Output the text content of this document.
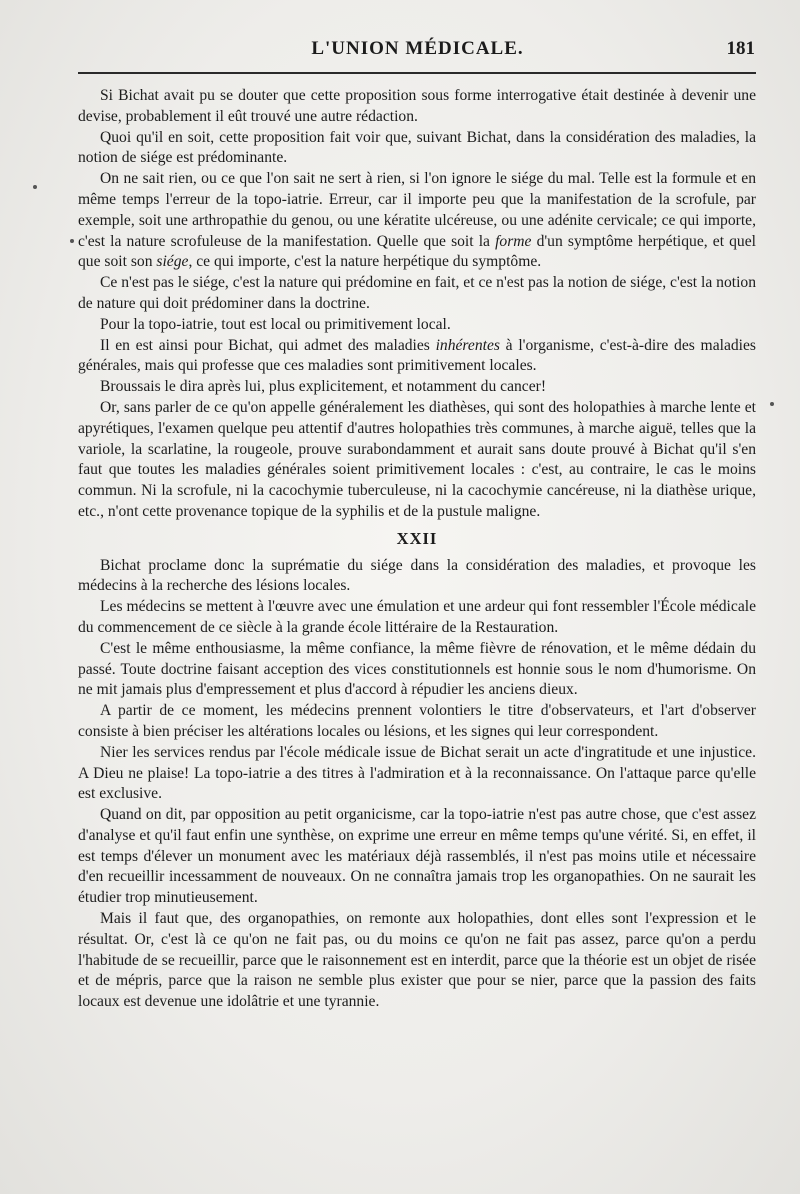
L'UNION MÉDICALE.	181

Si Bichat avait pu se douter que cette proposition sous forme interrogative était destinée à devenir une devise, probablement il eût trouvé une autre rédaction.

Quoi qu'il en soit, cette proposition fait voir que, suivant Bichat, dans la considération des maladies, la notion de siége est prédominante.

On ne sait rien, ou ce que l'on sait ne sert à rien, si l'on ignore le siége du mal. Telle est la formule et en même temps l'erreur de la topo-iatrie. Erreur, car il importe peu que la manifestation de la scrofule, par exemple, soit une arthropathie du genou, ou une kératite ulcéreuse, ou une adénite cervicale; ce qui importe, c'est la nature scrofuleuse de la manifestation. Quelle que soit la forme d'un symptôme herpétique, et quel que soit son siége, ce qui importe, c'est la nature herpétique du symptôme.

Ce n'est pas le siége, c'est la nature qui prédomine en fait, et ce n'est pas la notion de siége, c'est la notion de nature qui doit prédominer dans la doctrine.

Pour la topo-iatrie, tout est local ou primitivement local.

Il en est ainsi pour Bichat, qui admet des maladies inhérentes à l'organisme, c'est-à-dire des maladies générales, mais qui professe que ces maladies sont primitivement locales.

Broussais le dira après lui, plus explicitement, et notamment du cancer!

Or, sans parler de ce qu'on appelle généralement les diathèses, qui sont des holopathies à marche lente et apyrétiques, l'examen quelque peu attentif d'autres holopathies très communes, à marche aiguë, telles que la variole, la scarlatine, la rougeole, prouve surabondamment et aurait sans doute prouvé à Bichat qu'il s'en faut que toutes les maladies générales soient primitivement locales : c'est, au contraire, le cas le moins commun. Ni la scrofule, ni la cacochymie tuberculeuse, ni la cacochymie cancéreuse, ni la diathèse urique, etc., n'ont cette provenance topique de la syphilis et de la pustule maligne.

XXII

Bichat proclame donc la suprématie du siége dans la considération des maladies, et provoque les médecins à la recherche des lésions locales.

Les médecins se mettent à l'œuvre avec une émulation et une ardeur qui font ressembler l'École médicale du commencement de ce siècle à la grande école littéraire de la Restauration.

C'est le même enthousiasme, la même confiance, la même fièvre de rénovation, et le même dédain du passé. Toute doctrine faisant acception des vices constitutionnels est honnie sous le nom d'humorisme. On ne mit jamais plus d'empressement et plus d'accord à répudier les anciens dieux.

A partir de ce moment, les médecins prennent volontiers le titre d'observateurs, et l'art d'observer consiste à bien préciser les altérations locales ou lésions, et les signes qui leur correspondent.

Nier les services rendus par l'école médicale issue de Bichat serait un acte d'ingratitude et une injustice. A Dieu ne plaise! La topo-iatrie a des titres à l'admiration et à la reconnaissance. On l'attaque parce qu'elle est exclusive.

Quand on dit, par opposition au petit organicisme, car la topo-iatrie n'est pas autre chose, que c'est assez d'analyse et qu'il faut enfin une synthèse, on exprime une erreur en même temps qu'une vérité. Si, en effet, il est temps d'élever un monument avec les matériaux déjà rassemblés, il n'est pas moins utile et nécessaire d'en recueillir incessamment de nouveaux. On ne connaîtra jamais trop les organopathies. On ne saurait les étudier trop minutieusement.

Mais il faut que, des organopathies, on remonte aux holopathies, dont elles sont l'expression et le résultat. Or, c'est là ce qu'on ne fait pas, ou du moins ce qu'on ne fait pas assez, parce qu'on a perdu l'habitude de se recueillir, parce que le raisonnement est en interdit, parce que la théorie est un objet de risée et de mépris, parce que la raison ne semble plus exister que pour se nier, parce que la passion des faits locaux est devenue une idolâtrie et une tyrannie.
